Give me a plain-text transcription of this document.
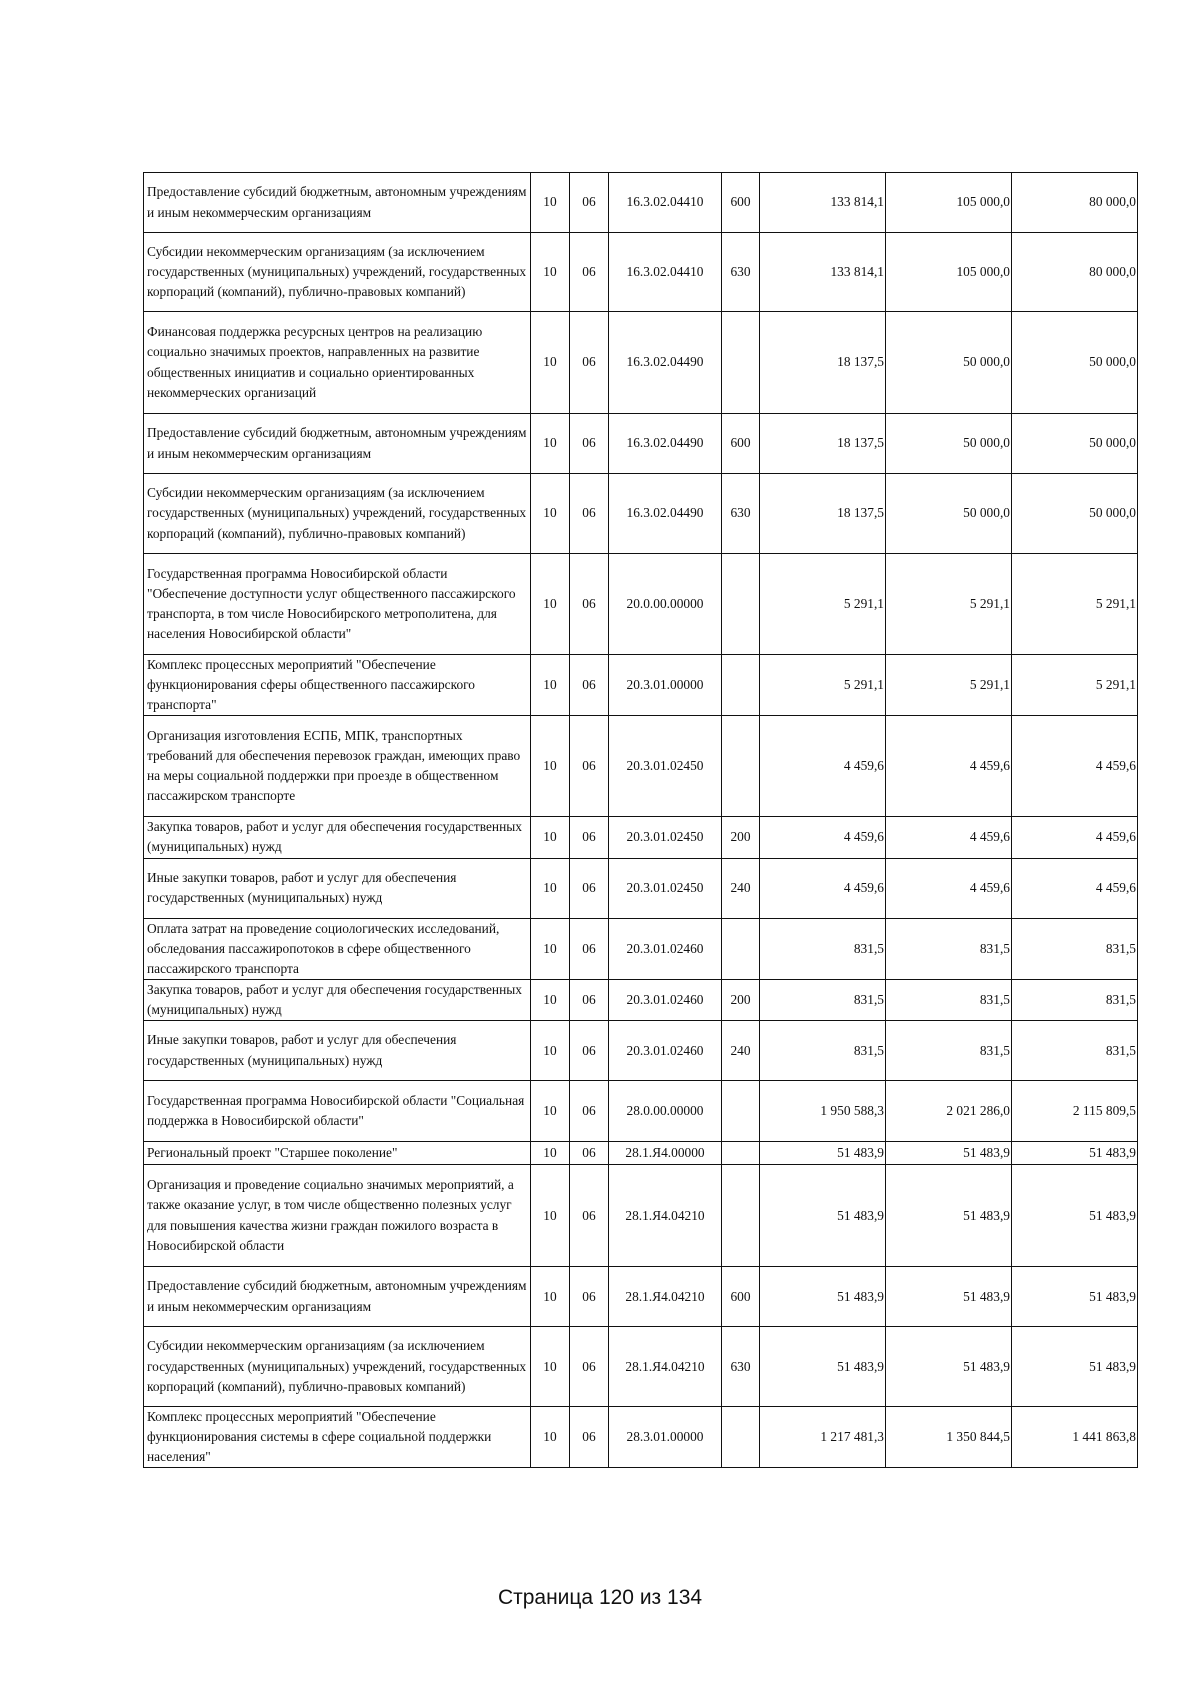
Предоставление субсидий бюджетным, автономным учреждениям и иным некоммерческим организациям	10	06	16.3.02.04410	600	133 814,1	105 000,0	80 000,0
Субсидии некоммерческим организациям (за исключением государственных (муниципальных) учреждений, государственных корпораций (компаний), публично-правовых компаний)	10	06	16.3.02.04410	630	133 814,1	105 000,0	80 000,0
Финансовая поддержка ресурсных центров на реализацию социально значимых проектов, направленных на развитие общественных инициатив и социально ориентированных некоммерческих организаций	10	06	16.3.02.04490		18 137,5	50 000,0	50 000,0
Предоставление субсидий бюджетным, автономным учреждениям и иным некоммерческим организациям	10	06	16.3.02.04490	600	18 137,5	50 000,0	50 000,0
Субсидии некоммерческим организациям (за исключением государственных (муниципальных) учреждений, государственных корпораций (компаний), публично-правовых компаний)	10	06	16.3.02.04490	630	18 137,5	50 000,0	50 000,0
Государственная программа Новосибирской области "Обеспечение доступности услуг общественного пассажирского транспорта, в том числе Новосибирского метрополитена, для населения Новосибирской области"	10	06	20.0.00.00000		5 291,1	5 291,1	5 291,1
Комплекс процессных мероприятий "Обеспечение функционирования сферы общественного пассажирского транспорта"	10	06	20.3.01.00000		5 291,1	5 291,1	5 291,1
Организация изготовления ЕСПБ, МПК, транспортных требований для обеспечения перевозок граждан, имеющих право на меры социальной поддержки при проезде в общественном пассажирском транспорте	10	06	20.3.01.02450		4 459,6	4 459,6	4 459,6
Закупка товаров, работ и услуг для обеспечения государственных (муниципальных) нужд	10	06	20.3.01.02450	200	4 459,6	4 459,6	4 459,6
Иные закупки товаров, работ и услуг для обеспечения государственных (муниципальных) нужд	10	06	20.3.01.02450	240	4 459,6	4 459,6	4 459,6
Оплата затрат на проведение социологических исследований, обследования пассажиропотоков в сфере общественного пассажирского транспорта	10	06	20.3.01.02460		831,5	831,5	831,5
Закупка товаров, работ и услуг для обеспечения государственных (муниципальных) нужд	10	06	20.3.01.02460	200	831,5	831,5	831,5
Иные закупки товаров, работ и услуг для обеспечения государственных (муниципальных) нужд	10	06	20.3.01.02460	240	831,5	831,5	831,5
Государственная программа Новосибирской области "Социальная поддержка в Новосибирской области"	10	06	28.0.00.00000		1 950 588,3	2 021 286,0	2 115 809,5
Региональный проект "Старшее поколение"	10	06	28.1.Я4.00000		51 483,9	51 483,9	51 483,9
Организация и проведение социально значимых мероприятий, а также оказание услуг, в том числе общественно полезных услуг для повышения качества жизни граждан пожилого возраста в Новосибирской области	10	06	28.1.Я4.04210		51 483,9	51 483,9	51 483,9
Предоставление субсидий бюджетным, автономным учреждениям и иным некоммерческим организациям	10	06	28.1.Я4.04210	600	51 483,9	51 483,9	51 483,9
Субсидии некоммерческим организациям (за исключением государственных (муниципальных) учреждений, государственных корпораций (компаний), публично-правовых компаний)	10	06	28.1.Я4.04210	630	51 483,9	51 483,9	51 483,9
Комплекс процессных мероприятий "Обеспечение функционирования системы в сфере социальной поддержки населения"	10	06	28.3.01.00000		1 217 481,3	1 350 844,5	1 441 863,8
Страница 120 из 134
